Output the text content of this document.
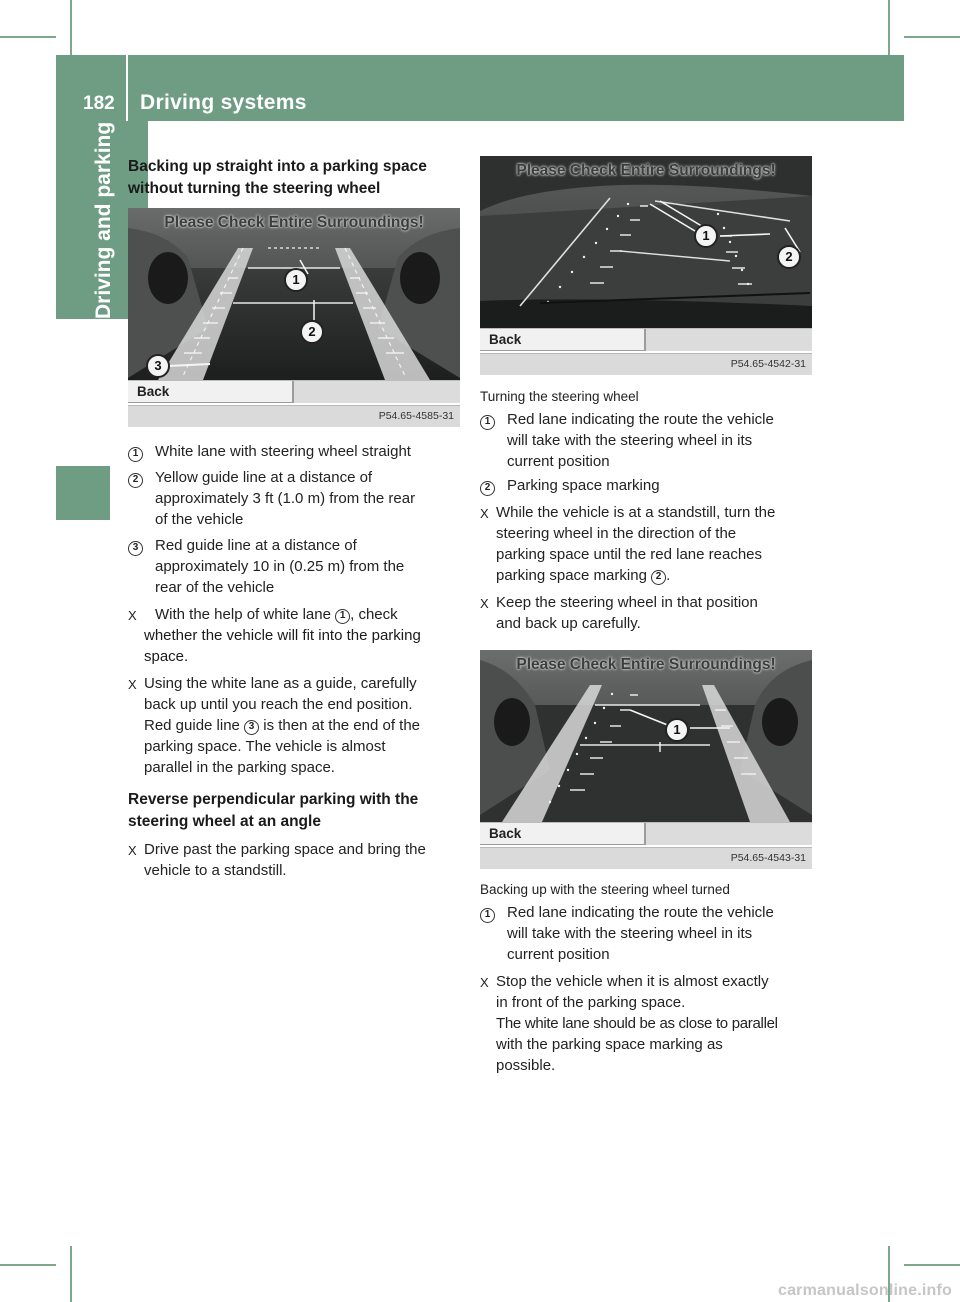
182 Driving systems
Driving and parking Backing up straight into a parking space
without turning the steering wheel
Please Check Entire Surroundings!
1
2
3
Back
P54.65-4585-31
1	White lane with steering wheel straight
2	Yellow guide line at a distance of
approximately 3 ft (1.0 m) from the rear
of the vehicle
3	Red guide line at a distance of
approximately 10 in (0.25 m) from the
rear of the vehicle
X	With the help of white lane 1 , check
whether the vehicle will fit into the parking
space.
X Using the white lane as a guide, carefully
back up until you reach the end position.
Red guide line 3 is then at the end of the
parking space. The vehicle is almost
parallel in the parking space.
Reverse perpendicular parking with the
steering wheel at an angle
X Drive past the parking space and bring the
vehicle to a standstill.
Please Check Entire Surroundings!
1
2
Back
P54.65-4542-31
Turning the steering wheel
1	Red lane indicating the route the vehicle
will take with the steering wheel in its
current position
2	Parking space marking
X While the vehicle is at a standstill, turn the
steering wheel in the direction of the
parking space until the red lane reaches
parking space marking 2 .
X Keep the steering wheel in that position
and back up carefully.
Please Check Entire Surroundings!
1
Back
P54.65-4543-31
Backing up with the steering wheel turned
1	Red lane indicating the route the vehicle
will take with the steering wheel in its
current position
X Stop the vehicle when it is almost exactly
in front of the parking space.
The white lane should be as close to parallel
with the parking space marking as
possible.
carmanualsonline.info
